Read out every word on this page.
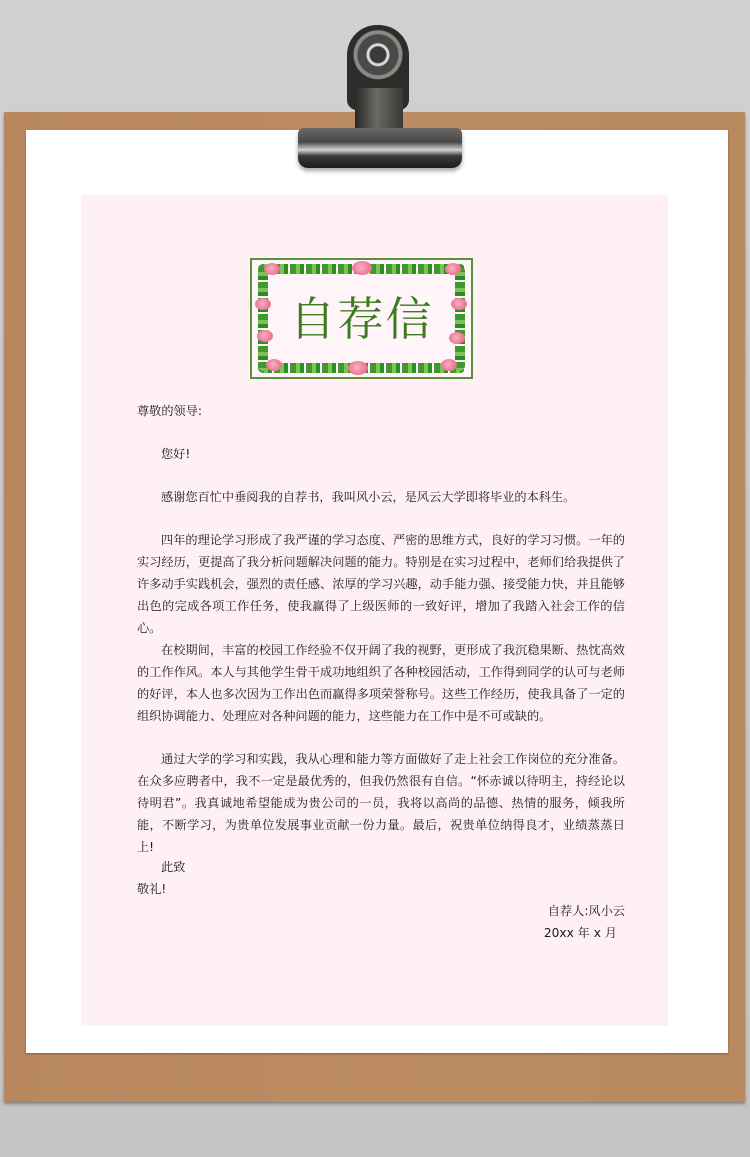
自荐信
尊敬的领导:
您好!
感谢您百忙中垂阅我的自荐书，我叫风小云，是风云大学即将毕业的本科生。
四年的理论学习形成了我严谨的学习态度、严密的思维方式，良好的学习习惯。一年的实习经历，更提高了我分析问题解决问题的能力。特别是在实习过程中，老师们给我提供了许多动手实践机会，强烈的责任感、浓厚的学习兴趣，动手能力强、接受能力快，并且能够出色的完成各项工作任务，使我赢得了上级医师的一致好评，增加了我踏入社会工作的信心。
在校期间，丰富的校园工作经验不仅开阔了我的视野，更形成了我沉稳果断、热忱高效的工作作风。本人与其他学生骨干成功地组织了各种校园活动，工作得到同学的认可与老师的好评，本人也多次因为工作出色而赢得多项荣誉称号。这些工作经历，使我具备了一定的组织协调能力、处理应对各种问题的能力，这些能力在工作中是不可或缺的。
通过大学的学习和实践，我从心理和能力等方面做好了走上社会工作岗位的充分准备。在众多应聘者中，我不一定是最优秀的，但我仍然很有自信。“怀赤诚以待明主，持经论以待明君”。我真诚地希望能成为贵公司的一员，我将以高尚的品德、热情的服务，倾我所能，不断学习，为贵单位发展事业贡献一份力量。最后，祝贵单位纳得良才，业绩蒸蒸日上!
此致
敬礼!
自荐人:风小云
20xx 年 x 月
